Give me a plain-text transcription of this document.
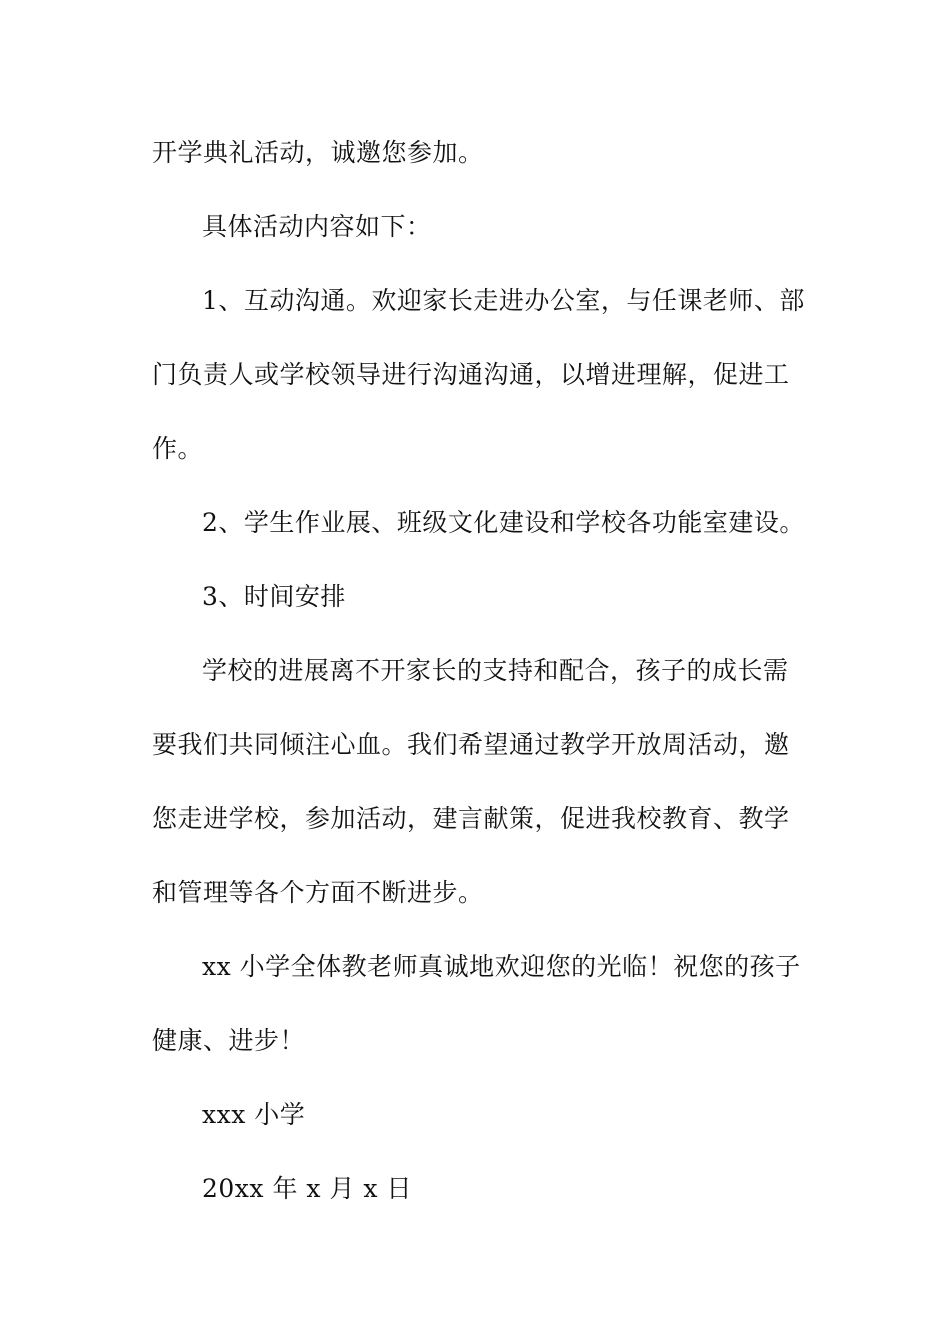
开学典礼活动，诚邀您参加。
具体活动内容如下：
1、互动沟通。欢迎家长走进办公室，与任课老师、部
门负责人或学校领导进行沟通沟通，以增进理解，促进工
作。
2、学生作业展、班级文化建设和学校各功能室建设。
3、时间安排
学校的进展离不开家长的支持和配合，孩子的成长需
要我们共同倾注心血。我们希望通过教学开放周活动，邀
您走进学校，参加活动，建言献策，促进我校教育、教学
和管理等各个方面不断进步。
xx 小学全体教老师真诚地欢迎您的光临！祝您的孩子
健康、进步！
xxx 小学
20xx 年 x 月 x 日
